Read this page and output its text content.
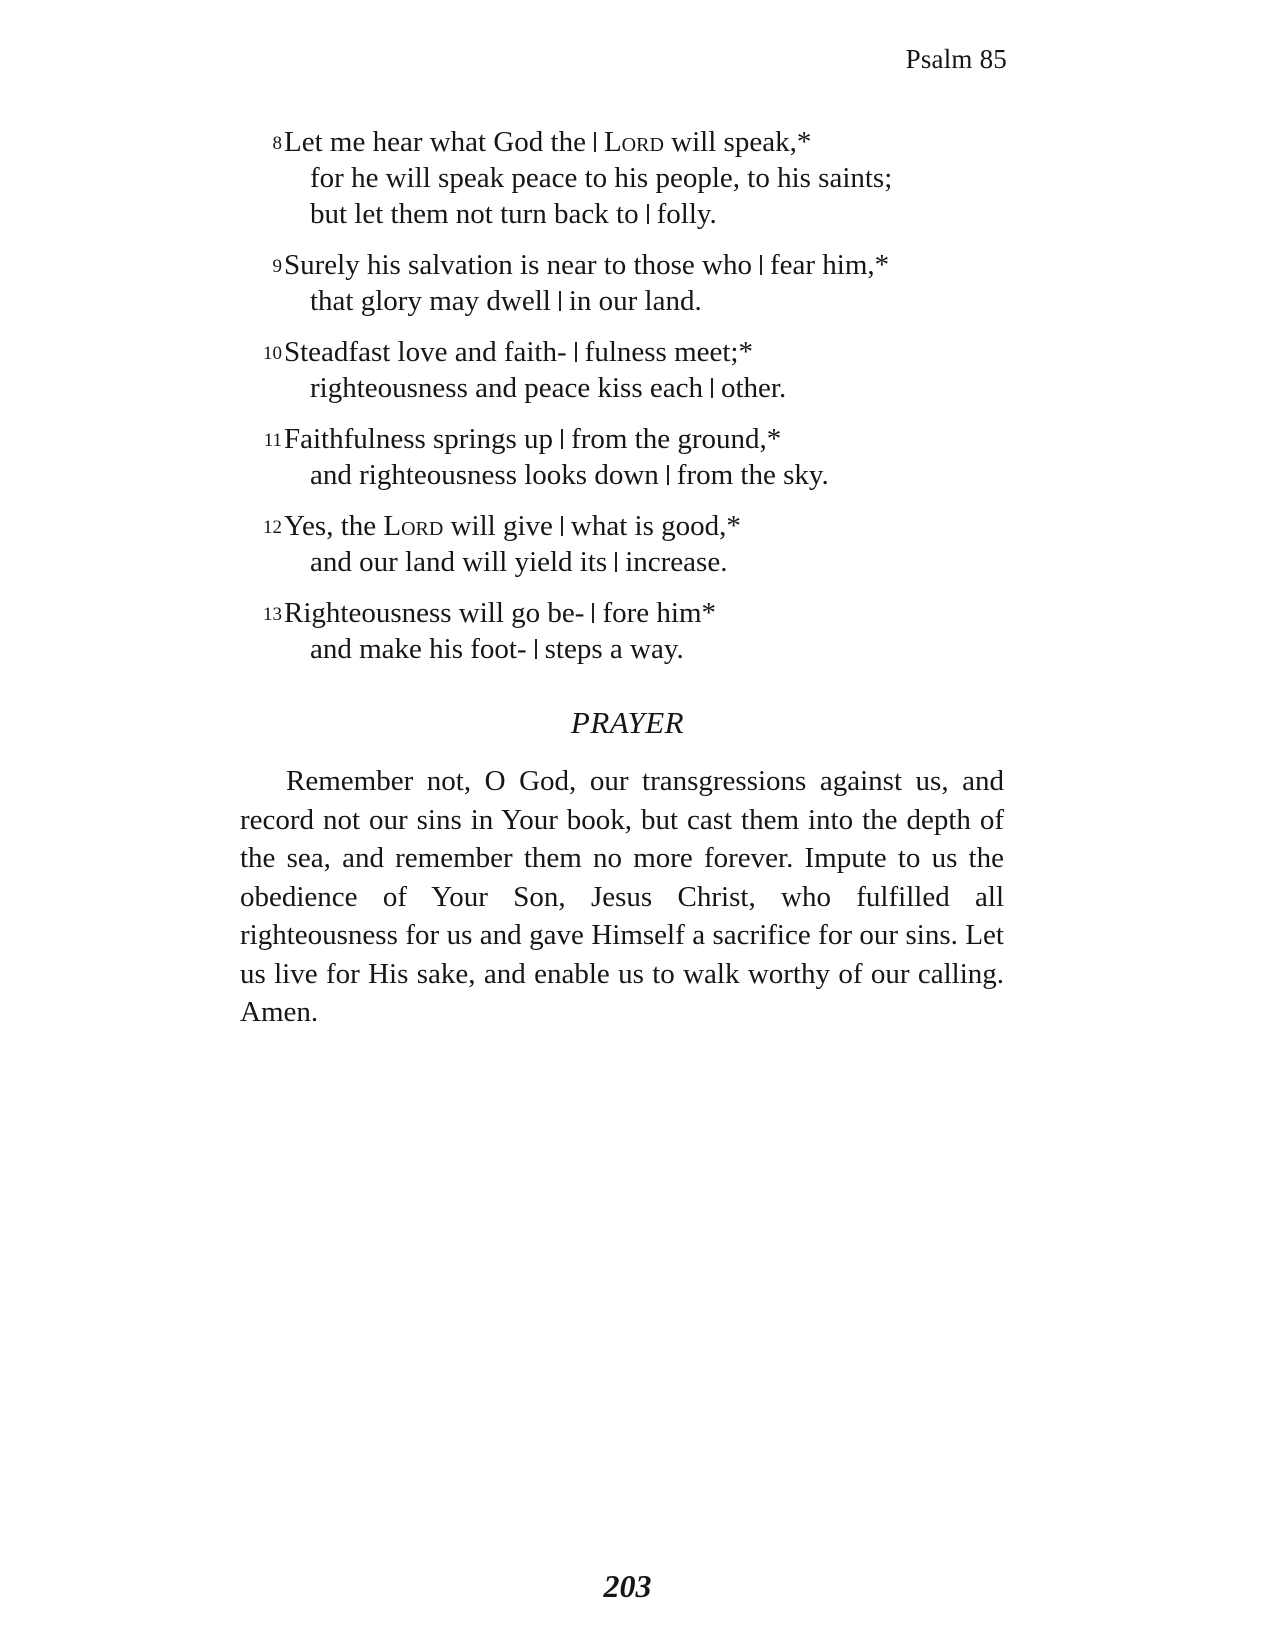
Psalm 85
8 Let me hear what God the Lord will speak,*
for he will speak peace to his people, to his saints;
but let them not turn back to folly.
9 Surely his salvation is near to those who fear him,*
that glory may dwell in our land.
10 Steadfast love and faith- fulness meet;*
righteousness and peace kiss each other.
11 Faithfulness springs up from the ground,*
and righteousness looks down from the sky.
12 Yes, the Lord will give what is good,*
and our land will yield its increase.
13 Righteousness will go be- fore him*
and make his foot- steps a way.
PRAYER

Remember not, O God, our transgressions against us, and record not our sins in Your book, but cast them into the depth of the sea, and remember them no more forever. Impute to us the obedience of Your Son, Jesus Christ, who fulfilled all righteousness for us and gave Himself a sacrifice for our sins. Let us live for His sake, and enable us to walk worthy of our calling. Amen.

203
